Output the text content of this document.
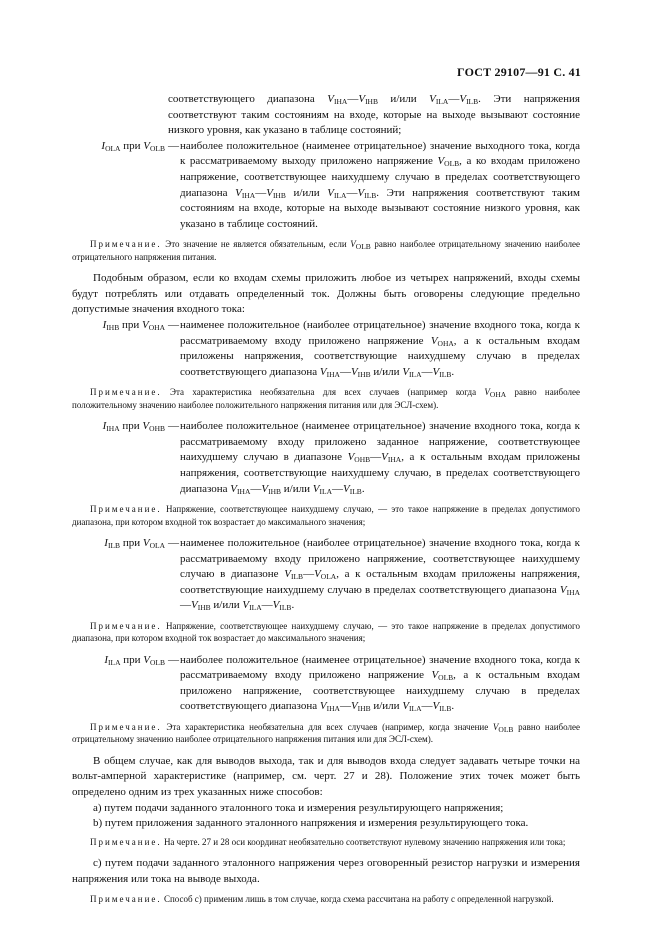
ГОСТ 29107—91 С. 41
соответствующего диапазона $V_{IHA}—V_{IHB}$ и/или $V_{ILA}—V_{ILB}$. Эти напряжения соответствуют таким состояниям на входе, которые на выходе вызывают состояние низкого уровня, как указано в таблице состояний;
$I_{OLA}$ при $V_{OLB}$ — наиболее положительное (наименее отрицательное) значение выходного тока, когда к рассматриваемому выходу приложено напряжение $V_{OLB}$, а ко входам приложено напряжение, соответствующее наихудшему случаю в пределах соответствующего диапазона $V_{IHA}—V_{IHB}$ и/или $V_{ILA}—V_{ILB}$. Эти напряжения соответствуют таким состояниям на входе, которые на выходе вызывают состояние низкого уровня, как указано в таблице состояний.

Примечание. Это значение не является обязательным, если $V_{OLB}$ равно наиболее отрицательному значению наиболее отрицательного напряжения питания.

Подобным образом, если ко входам схемы приложить любое из четырех напряжений, входы схемы будут потреблять или отдавать определенный ток. Должны быть оговорены следующие предельно допустимые значения входного тока:

$I_{IHB}$ при $V_{OHA}$ — наименее положительное (наиболее отрицательное) значение входного тока, когда к рассматриваемому входу приложено напряжение $V_{OHA}$, а к остальным входам приложены напряжения, соответствующие наихудшему случаю в пределах соответствующего диапазона $V_{IHA}—V_{IHB}$ и/или $V_{ILA}—V_{ILB}$.

Примечание. Эта характеристика необязательна для всех случаев (например когда $V_{OHA}$ равно наиболее положительному значению наиболее положительного напряжения питания или для ЭСЛ-схем).

$I_{IHA}$ при $V_{OHB}$ — наиболее положительное (наименее отрицательное) значение входного тока, когда к рассматриваемому входу приложено заданное напряжение, соответствующее наихудшему случаю в диапазоне $V_{OHB}—V_{IHA}$, а к остальным входам приложены напряжения, соответствующие наихудшему случаю, в пределах соответствующего диапазона $V_{IHA}—V_{IHB}$ и/или $V_{ILA}—V_{ILB}$.

Примечание. Напряжение, соответствующее наихудшему случаю, — это такое напряжение в пределах допустимого диапазона, при котором входной ток возрастает до максимального значения;

$I_{ILB}$ при $V_{OLA}$ — наименее положительное (наиболее отрицательное) значение входного тока, когда к рассматриваемому входу приложено напряжение, соответствующее наихудшему случаю в диапазоне $V_{ILB}—V_{OLA}$, а к остальным входам приложены напряжения, соответствующие наихудшему случаю в пределах соответствующего диапазона $V_{IHA}—V_{IHB}$ и/или $V_{ILA}—V_{ILB}$.

Примечание. Напряжение, соответствующее наихудшему случаю, — это такое напряжение в пределах допустимого диапазона, при котором входной ток возрастает до максимального значения;

$I_{ILA}$ при $V_{OLB}$ — наиболее положительное (наименее отрицательное) значение входного тока, когда к рассматриваемому входу приложено напряжение $V_{OLB}$, а к остальным входам приложено напряжение, соответствующее наихудшему случаю в пределах соответствующего диапазона $V_{IHA}—V_{IHB}$ и/или $V_{ILA}—V_{ILB}$.

Примечание. Эта характеристика необязательна для всех случаев (например, когда значение $V_{OLB}$ равно наиболее отрицательному значению наиболее отрицательного напряжения питания или для ЭСЛ-схем).

В общем случае, как для выводов выхода, так и для выводов входа следует задавать четыре точки на вольт-амперной характеристике (например, см. черт. 27 и 28). Положение этих точек может быть определено одним из трех указанных ниже способов:

а) путем подачи заданного эталонного тока и измерения результирующего напряжения;

b) путем приложения заданного эталонного напряжения и измерения результирующего тока.

Примечание. На черте. 27 и 28 оси координат необязательно соответствуют нулевому значению напряжения или тока;

с) путем подачи заданного эталонного напряжения через оговоренный резистор нагрузки и измерения напряжения или тока на выводе выхода.

Примечание. Способ с) применим лишь в том случае, когда схема рассчитана на работу с определенной нагрузкой.
